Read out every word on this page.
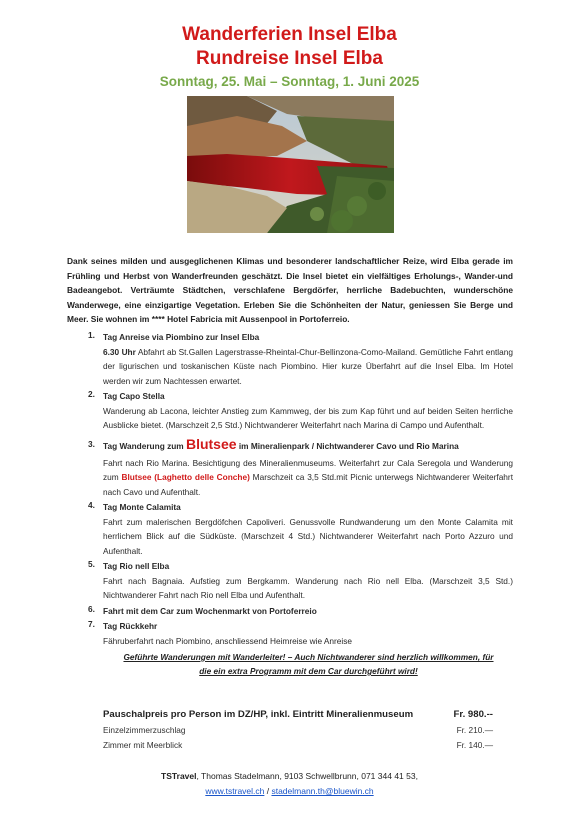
Wanderferien Insel Elba
Rundreise Insel Elba
Sonntag, 25. Mai – Sonntag, 1. Juni 2025
Dank seines milden und ausgeglichenen Klimas und besonderer landschaftlicher Reize, wird Elba gerade im Frühling und Herbst von Wanderfreunden geschätzt. Die Insel bietet ein vielfältiges Erholungs-, Wander-und Badeangebot. Verträumte Städtchen, verschlafene Bergdörfer, herrliche Badebuchten, wunderschöne Wanderwege, eine einzigartige Vegetation. Erleben Sie die Schönheiten der Natur, geniessen Sie Berge und Meer. Sie wohnen im **** Hotel Fabricia mit Aussenpool in Portoferreio.
1. Tag Anreise via Piombino zur Insel Elba
6.30 Uhr Abfahrt ab St.Gallen Lagerstrasse-Rheintal-Chur-Bellinzona-Como-Mailand. Gemütliche Fahrt entlang der ligurischen und toskanischen Küste nach Piombino. Hier kurze Überfahrt auf die Insel Elba. Im Hotel werden wir zum Nachtessen erwartet.
2. Tag Capo Stella
Wanderung ab Lacona, leichter Anstieg zum Kammweg, der bis zum Kap führt und auf beiden Seiten herrliche Ausblicke bietet. (Marschzeit 2,5 Std.) Nichtwanderer Weiterfahrt nach Marina di Campo und Aufenthalt.
3. Tag Wanderung zum Blutsee im Mineralienpark / Nichtwanderer Cavo und Rio Marina
Fahrt nach Rio Marina. Besichtigung des Mineralienmuseums. Weiterfahrt zur Cala Seregola und Wanderung zum Blutsee (Laghetto delle Conche) Marschzeit ca 3,5 Std.mit Picnic unterwegs Nichtwanderer Weiterfahrt nach Cavo und Aufenthalt.
4. Tag Monte Calamita
Fahrt zum malerischen Bergdöfchen Capoliveri. Genussvolle Rundwanderung um den Monte Calamita mit herrlichem Blick auf die Südküste. (Marschzeit 4 Std.) Nichtwanderer Weiterfahrt nach Porto Azzuro und Aufenthalt.
5. Tag Rio nell Elba
Fahrt nach Bagnaia. Aufstieg zum Bergkamm. Wanderung nach Rio nell Elba. (Marschzeit 3,5 Std.) Nichtwanderer Fahrt nach Rio nell Elba und Aufenthalt.
6. Fahrt mit dem Car zum Wochenmarkt von Portoferreio
7. Tag Rückkehr
Fähruberfahrt nach Piombino, anschliessend Heimreise wie Anreise
Geführte Wanderungen mit Wanderleiter! – Auch Nichtwanderer sind herzlich willkommen, für
die ein extra Programm mit dem Car durchgeführt wird!
Pauschalpreis pro Person im DZ/HP, inkl. Eintritt Mineralienmuseum	Fr. 980.--
Einzelzimmerzuschlag	Fr. 210.—
Zimmer mit Meerblick	Fr. 140.—
TSTravel, Thomas Stadelmann, 9103 Schwellbrunn, 071 344 41 53,
www.tstravel.ch / stadelmann.th@bluewin.ch
